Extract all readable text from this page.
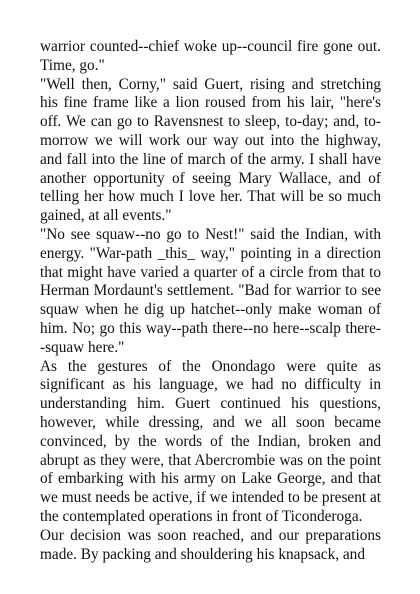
warrior counted--chief woke up--council fire gone out. Time, go."

"Well then, Corny," said Guert, rising and stretching his fine frame like a lion roused from his lair, "here's off. We can go to Ravensnest to sleep, to-day; and, to-morrow we will work our way out into the highway, and fall into the line of march of the army. I shall have another opportunity of seeing Mary Wallace, and of telling her how much I love her. That will be so much gained, at all events."

"No see squaw--no go to Nest!" said the Indian, with energy. "War-path _this_ way," pointing in a direction that might have varied a quarter of a circle from that to Herman Mordaunt's settlement. "Bad for warrior to see squaw when he dig up hatchet--only make woman of him. No; go this way--path there--no here--scalp there--squaw here."

As the gestures of the Onondago were quite as significant as his language, we had no difficulty in understanding him. Guert continued his questions, however, while dressing, and we all soon became convinced, by the words of the Indian, broken and abrupt as they were, that Abercrombie was on the point of embarking with his army on Lake George, and that we must needs be active, if we intended to be present at the contemplated operations in front of Ticonderoga.

Our decision was soon reached, and our preparations made. By packing and shouldering his knapsack, and
